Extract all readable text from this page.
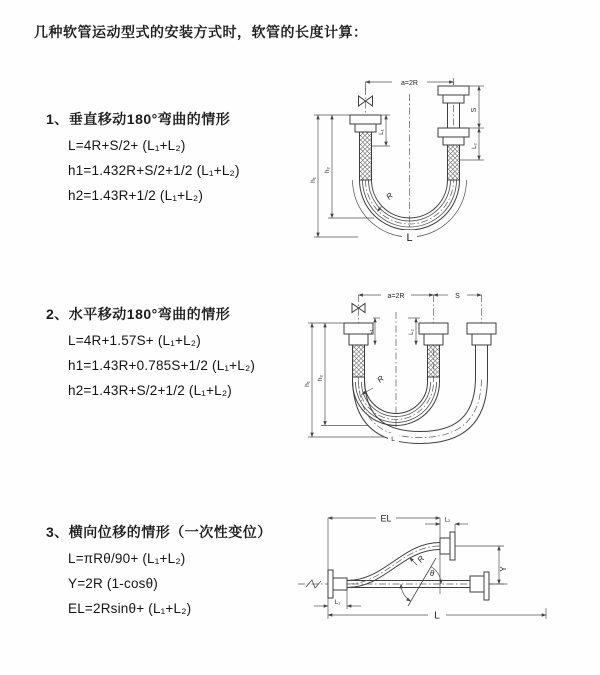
几种软管运动型式的安装方式时，软管的长度计算：
1、垂直移动180°弯曲的情形
L=4R+S/2+ (L₁+L₂)
h1=1.432R+S/2+1/2 (L₁+L₂)
h2=1.43R+1/2 (L₁+L₂)
2、水平移动180°弯曲的情形
L=4R+1.57S+ (L₁+L₂)
h1=1.43R+0.785S+1/2 (L₁+L₂)
h2=1.43R+S/2+1/2 (L₁+L₂)
3、横向位移的情形（一次性变位）
L=πRθ/90+ (L₁+L₂)
Y=2R (1-cosθ)
EL=2Rsinθ+ (L₁+L₂)
L
a=2R
h₁
h₂
L₁
S
L₂
R
L
a=2R	S
L₁	L₂
h₁
h₂	R
EL	L₂
Y
θ
R
L₁
L
